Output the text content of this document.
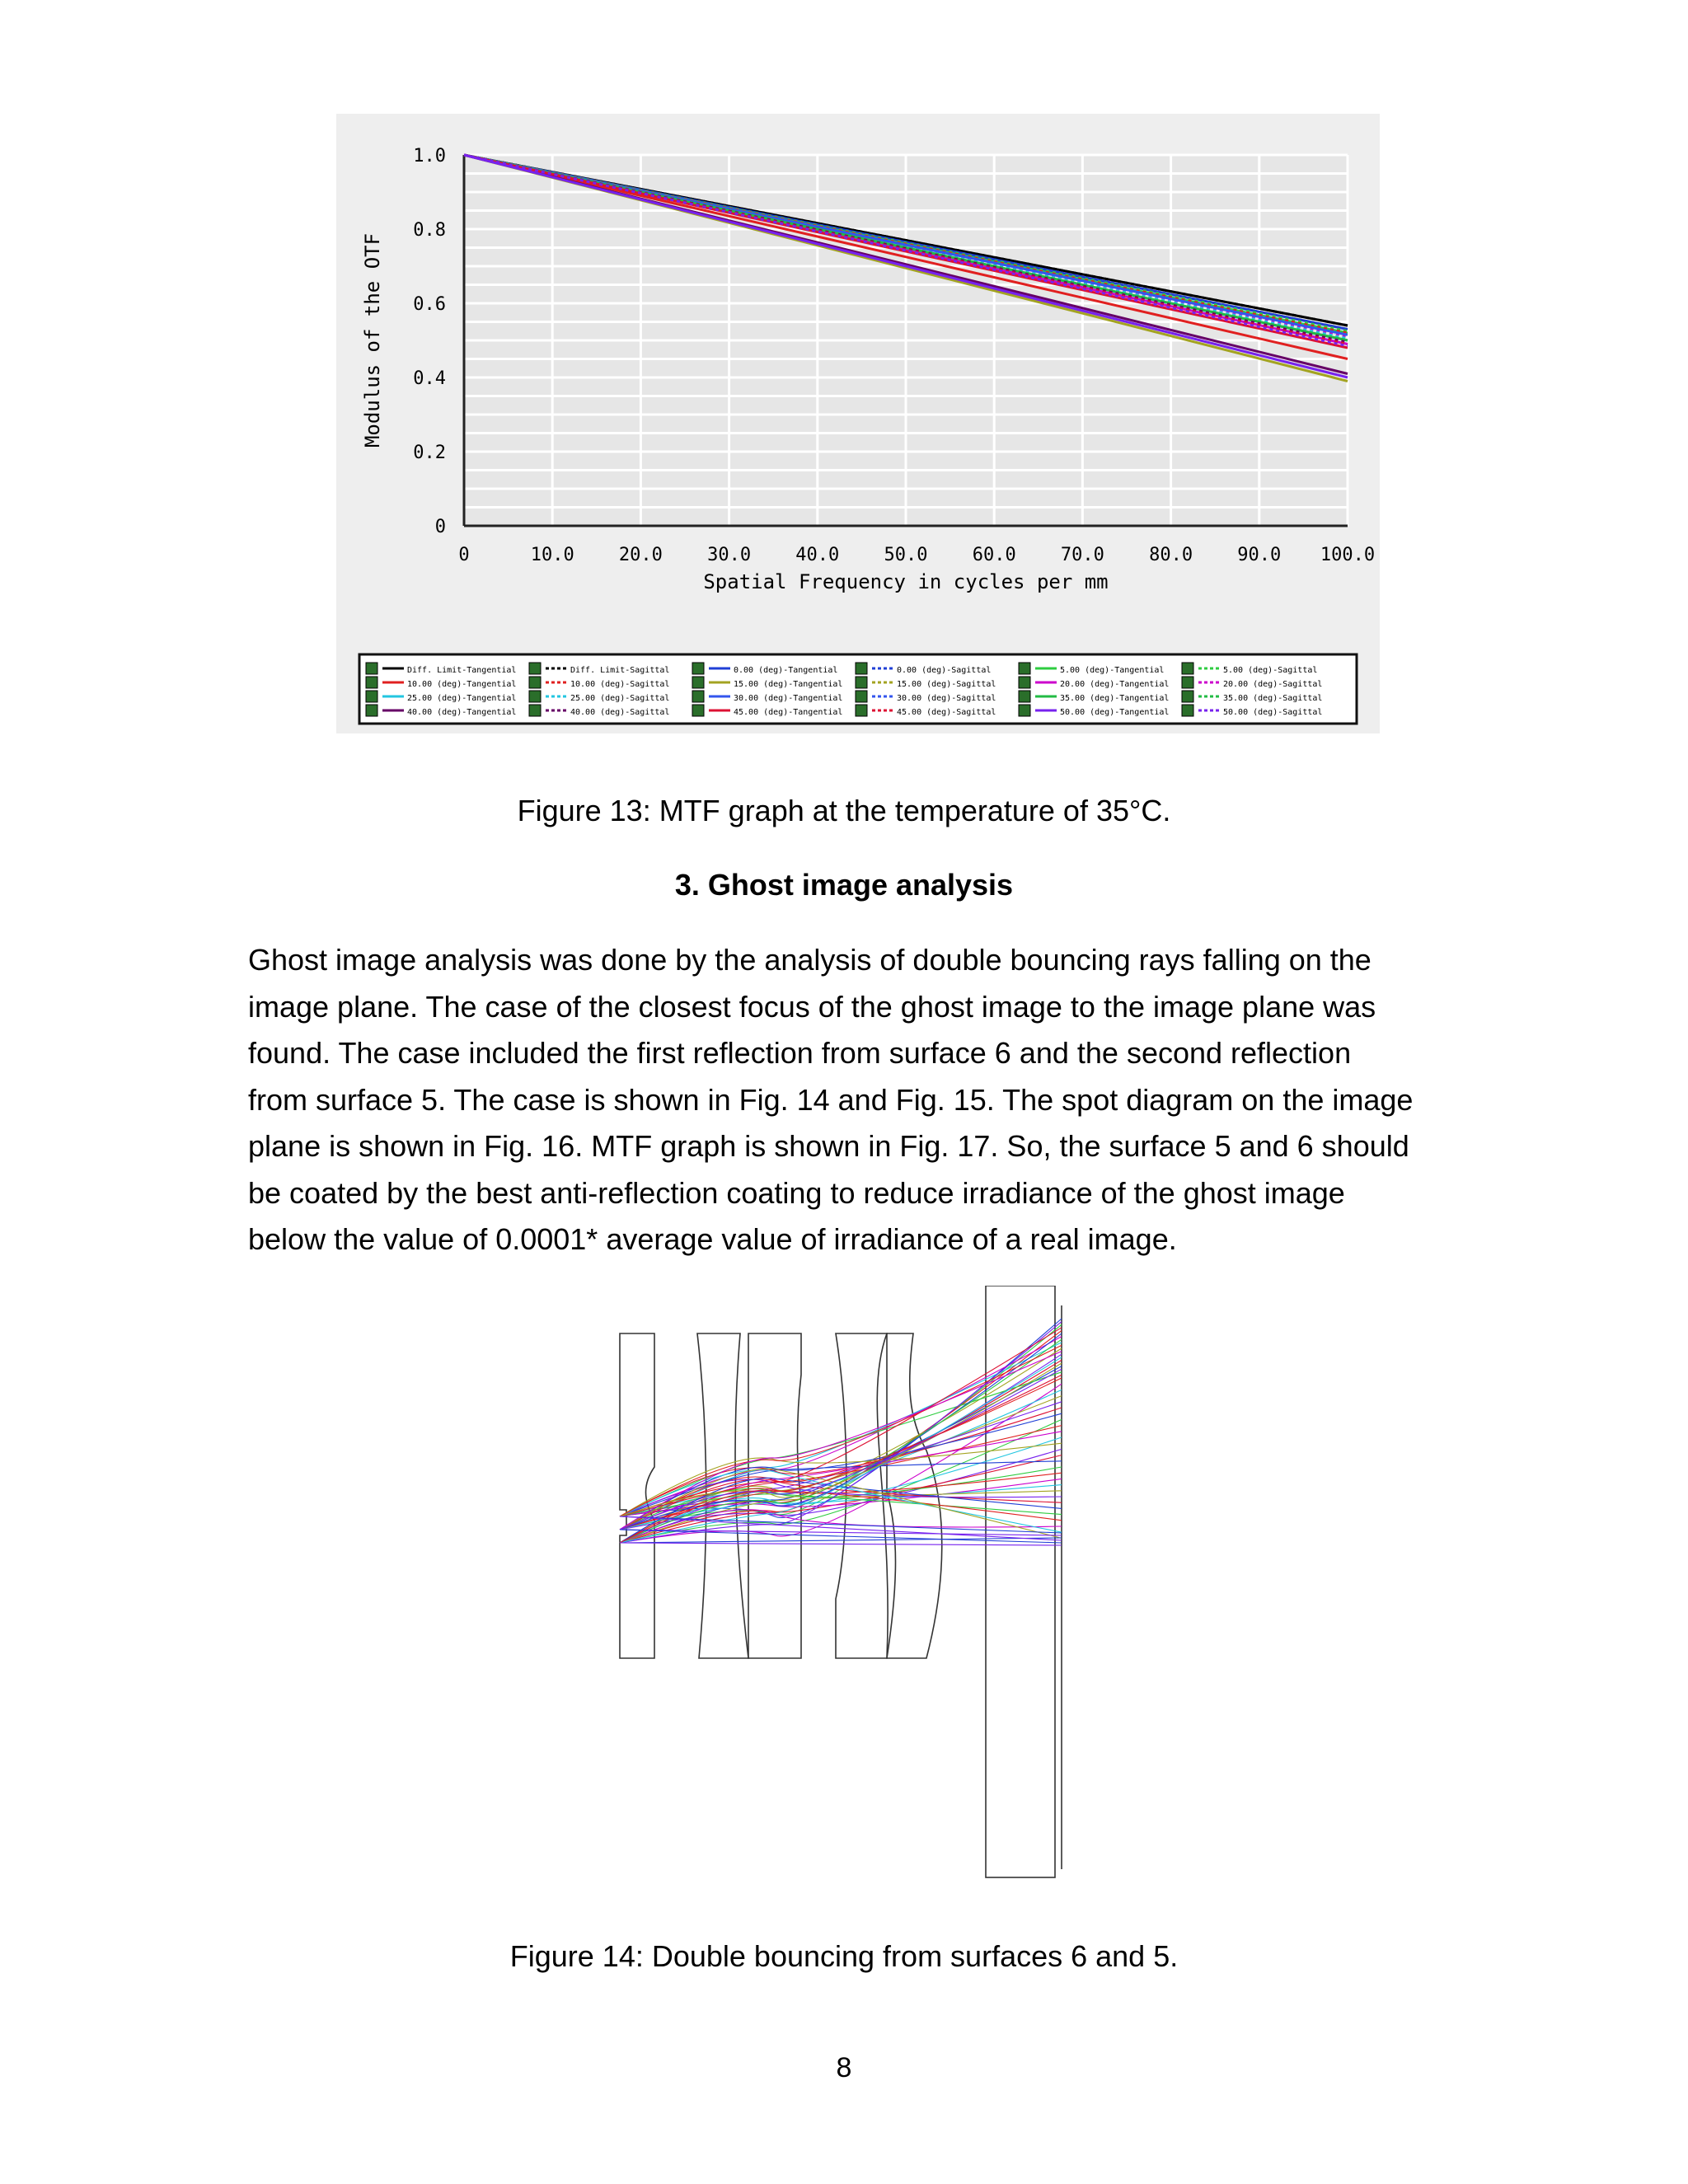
0	10.0 20.0 30.0 40.0 50.0 60.0 70.0 80.0 90.0 100.0
0
0.2
0.4
0.6
0.8
1.0
Spatial Frequency in cycles per mm
Modulus of the OTF
Diff. Limit-Tangential	Diff. Limit-Sagittal	0.00 (deg)-Tangential	0.00 (deg)-Sagittal	5.00 (deg)-Tangential	5.00 (deg)-Sagittal
10.00 (deg)-Tangential	10.00 (deg)-Sagittal	15.00 (deg)-Tangential	15.00 (deg)-Sagittal	20.00 (deg)-Tangential	20.00 (deg)-Sagittal
25.00 (deg)-Tangential	25.00 (deg)-Sagittal	30.00 (deg)-Tangential	30.00 (deg)-Sagittal	35.00 (deg)-Tangential	35.00 (deg)-Sagittal
40.00 (deg)-Tangential	40.00 (deg)-Sagittal	45.00 (deg)-Tangential	45.00 (deg)-Sagittal	50.00 (deg)-Tangential	50.00 (deg)-Sagittal
Figure 13: MTF graph at the temperature of 35°C.
3. Ghost image analysis
Ghost image analysis was done by the analysis of double bouncing rays falling on the
image plane. The case of the closest focus of the ghost image to the image plane was
found. The case included the first reflection from surface 6 and the second reflection
from surface 5. The case is shown in Fig. 14 and Fig. 15. The spot diagram on the image
plane is shown in Fig. 16. MTF graph is shown in Fig. 17. So, the surface 5 and 6 should
be coated by the best anti-reflection coating to reduce irradiance of the ghost image
below the value of 0.0001* average value of irradiance of a real image.
Figure 14: Double bouncing from surfaces 6 and 5.
8
